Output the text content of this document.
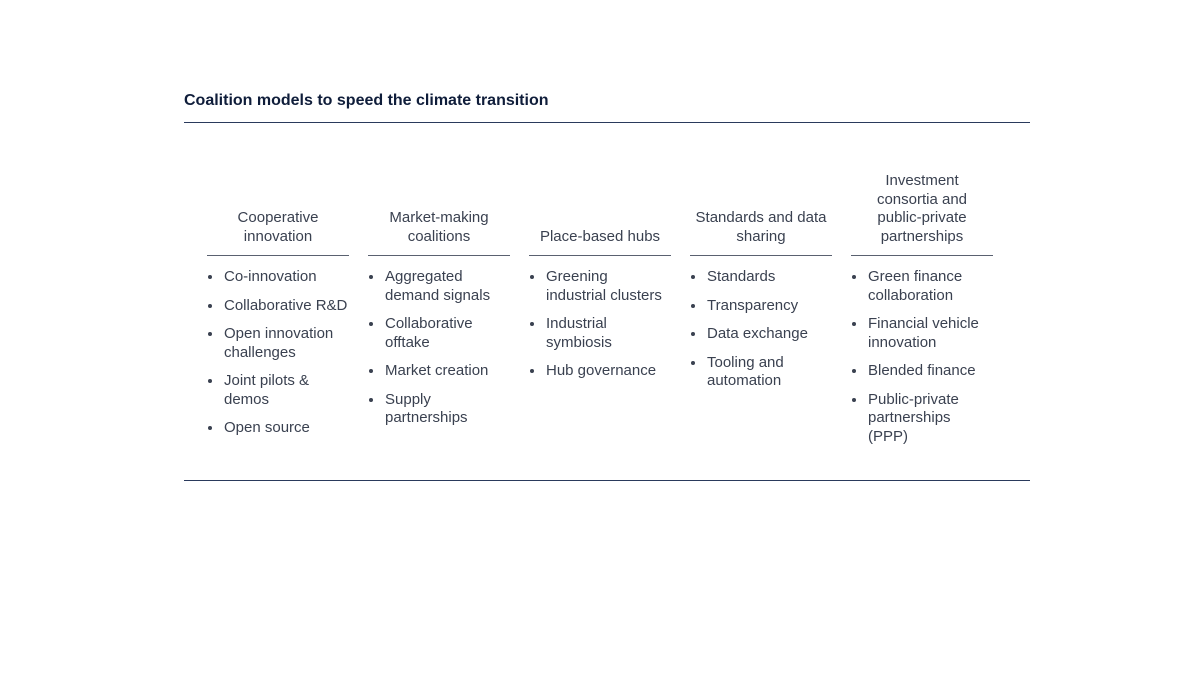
Coalition models to speed the climate transition
Cooperative innovation
Co-innovation
Collaborative R&D
Open innovation challenges
Joint pilots & demos
Open source
Market-making coalitions
Aggregated demand signals
Collaborative offtake
Market creation
Supply partnerships
Place-based hubs
Greening industrial clusters
Industrial symbiosis
Hub governance
Standards and data sharing
Standards
Transparency
Data exchange
Tooling and automation
Investment consortia and public-private partnerships
Green finance collaboration
Financial vehicle innovation
Blended finance
Public-private partnerships (PPP)
